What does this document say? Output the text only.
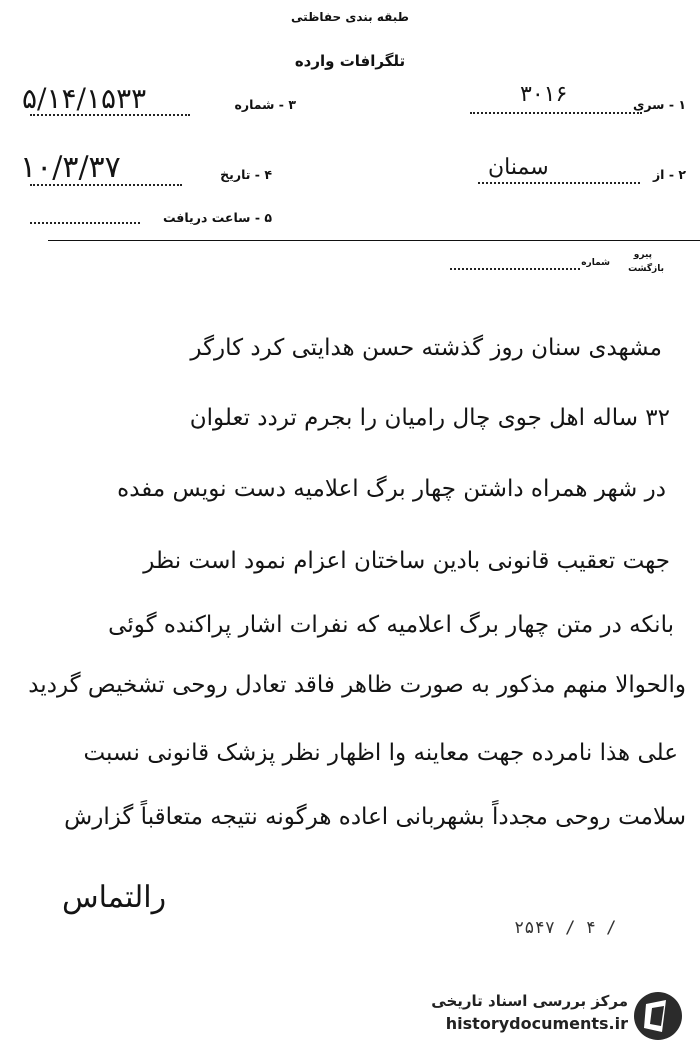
طبقه بندی حفاظتی
تلگرافات وارده
۱ - سری
۳۰۱۶
۳ - شماره
۵/۱۴/۱۵۳۳
۲ - از
سمنان
۴ - تاریخ
۱۰/۳/۳۷
۵ - ساعت دریافت
شماره
پیرو
بازگشت
مشهدی سنان روز گذشته حسن هدایتی کرد کارگر
۳۲ ساله اهل جوی چال رامیان را بجرم تردد تعلوان
در شهر همراه داشتن چهار برگ اعلامیه دست نویس مفده
جهت تعقیب قانونی بادین ساختان اعزام نمود است نظر
بانکه در متن چهار برگ اعلامیه که نفرات اشار پراکنده گوئی
والحوالا منهم مذکور به صورت ظاهر فاقد تعادل روحی تشخیص گردید
علی هذا نامرده جهت معاینه وا اظهار نظر پزشک قانونی نسبت
سلامت روحی مجدداً بشهربانی اعاده هرگونه نتیجه متعاقباً گزارش
رالتماس
۲۵۴۷ / ۴ /
مرکز بررسی اسناد تاریخی
historydocuments.ir
